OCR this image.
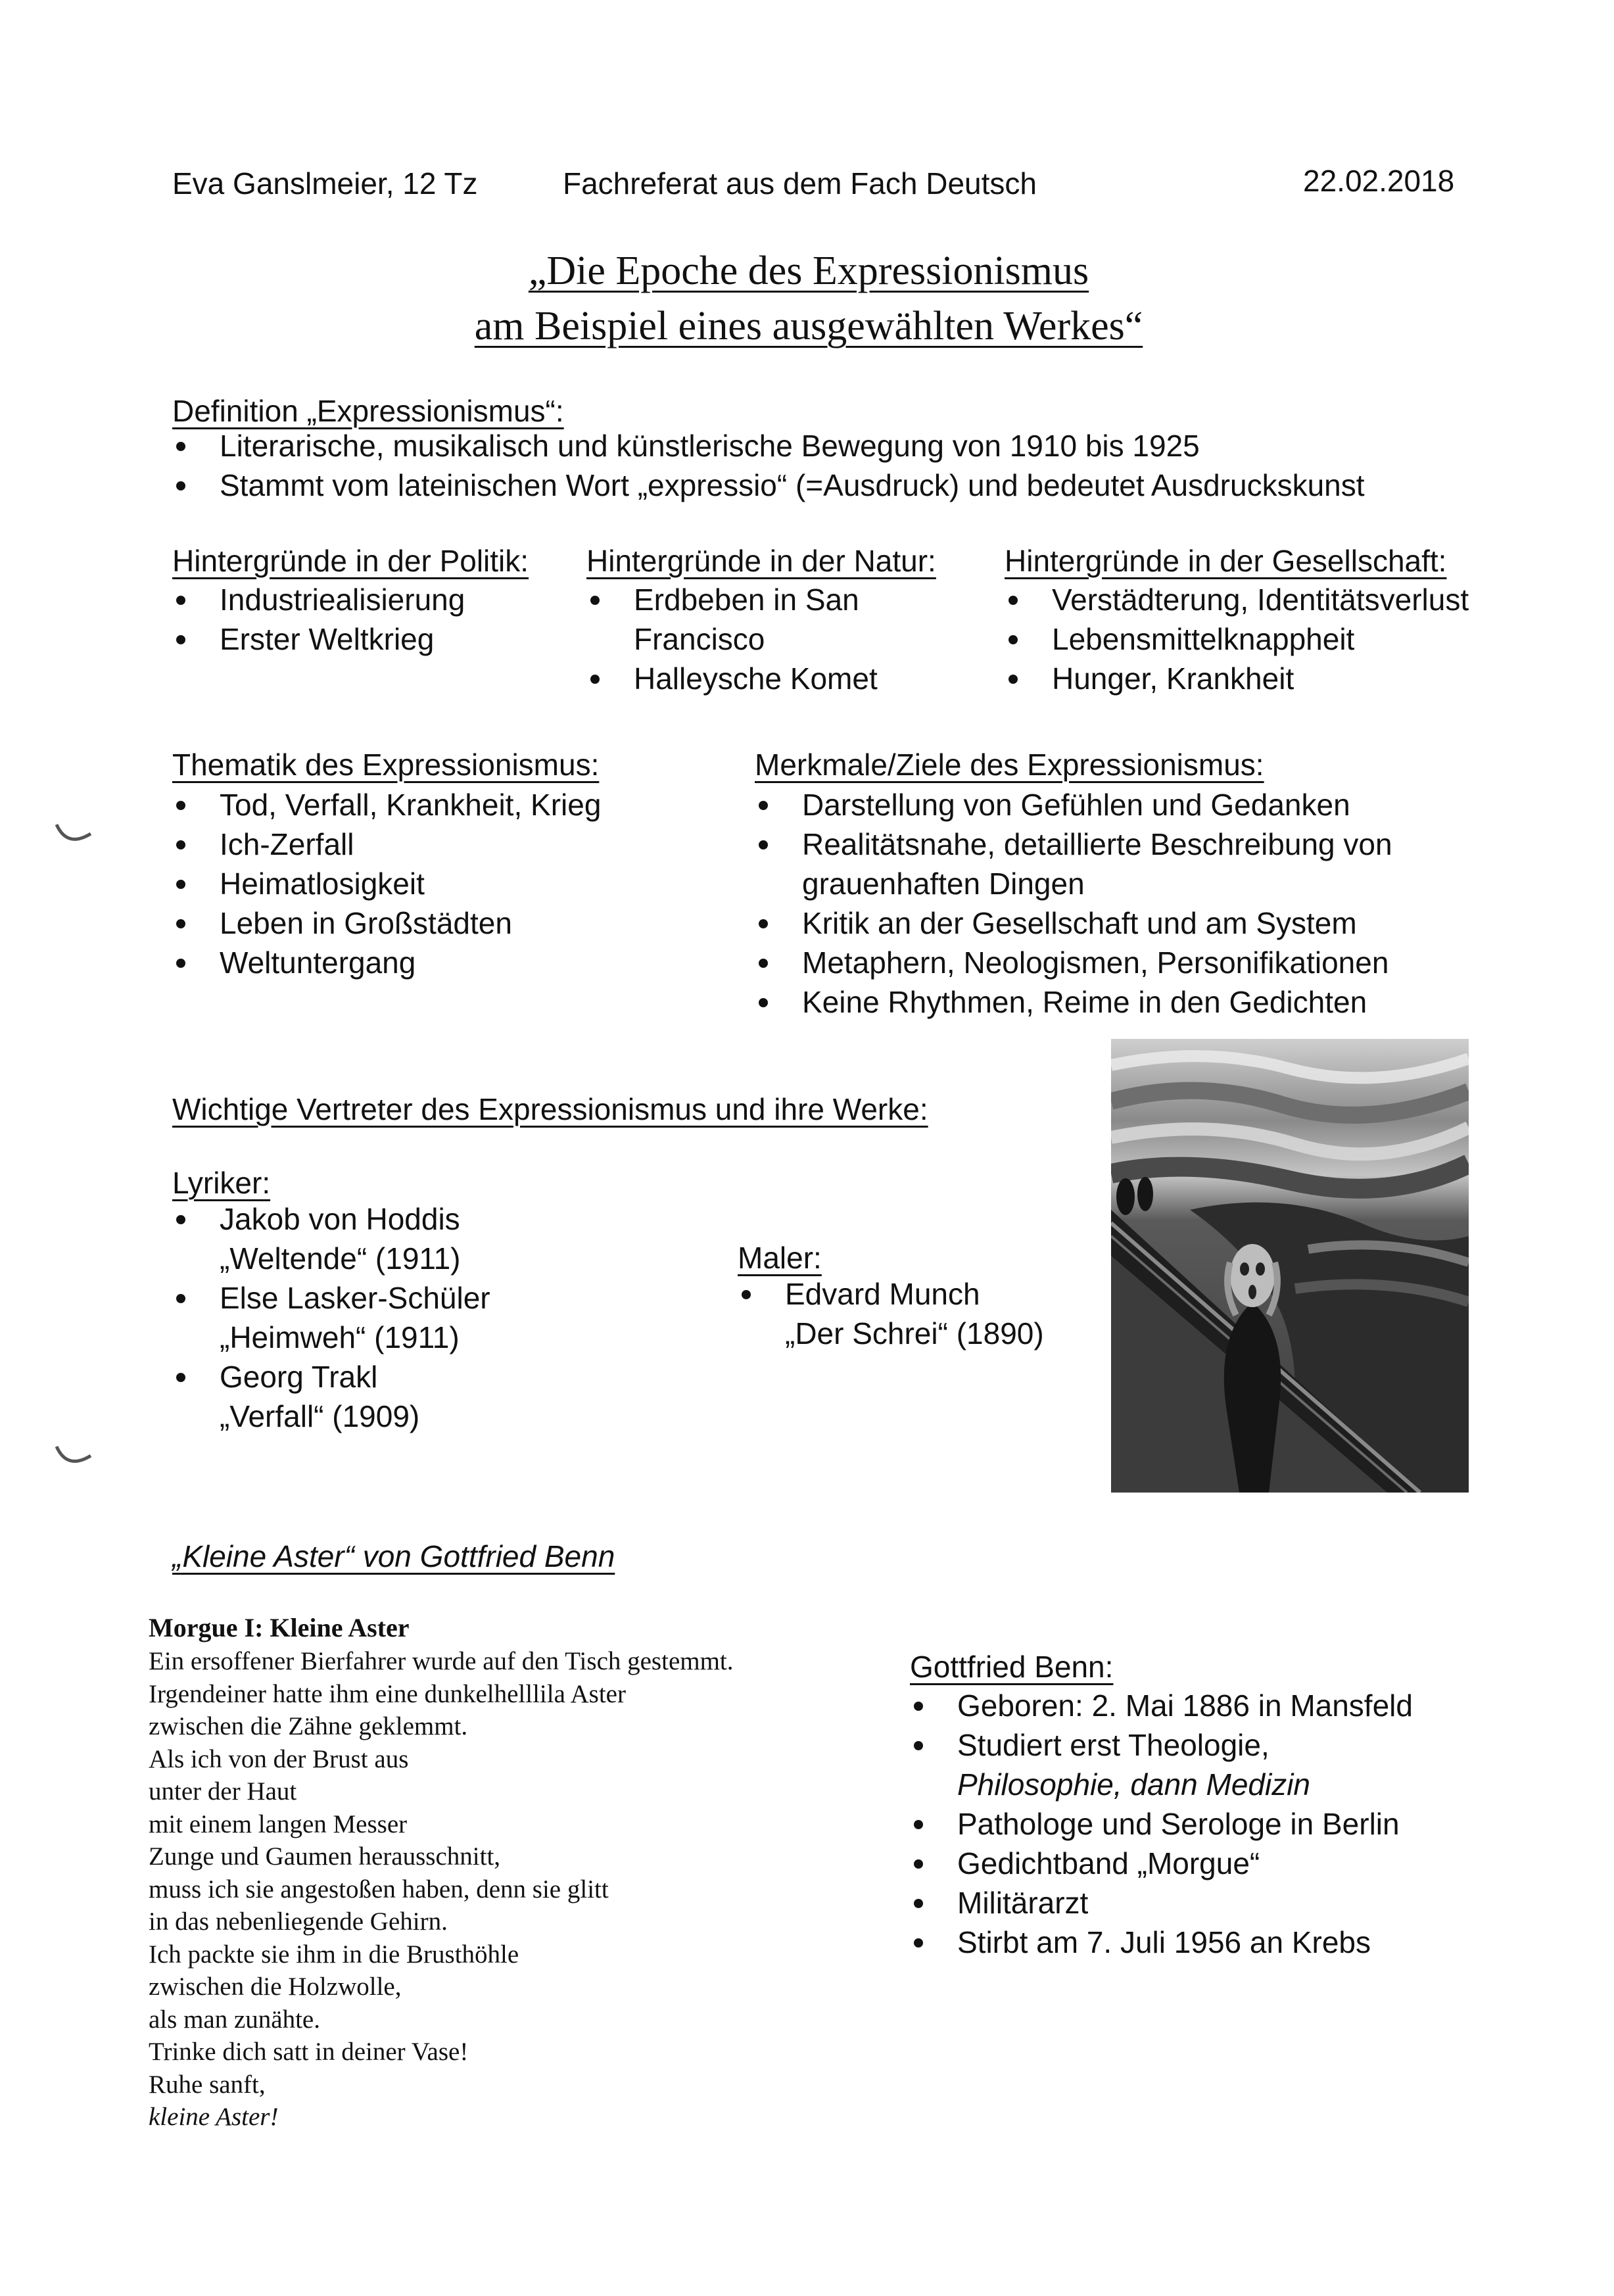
Eva Ganslmeier, 12 Tz	Fachreferat aus dem Fach Deutsch	22.02.2018
„Die Epoche des Expressionismus
am Beispiel eines ausgewählten Werkes“
Definition „Expressionismus“:
Literarische, musikalisch und künstlerische Bewegung von 1910 bis 1925
Stammt vom lateinischen Wort „expressio“ (=Ausdruck) und bedeutet Ausdruckskunst
Hintergründe in der Politik:
Industriealisierung
Erster Weltkrieg
Hintergründe in der Natur:
Erdbeben in San
Francisco
Halleysche Komet
Hintergründe in der Gesellschaft:
Verstädterung, Identitätsverlust
Lebensmittelknappheit
Hunger, Krankheit
Thematik des Expressionismus:
Tod, Verfall, Krankheit, Krieg
Ich-Zerfall
Heimatlosigkeit
Leben in Großstädten
Weltuntergang
Merkmale/Ziele des Expressionismus:
Darstellung von Gefühlen und Gedanken
Realitätsnahe, detaillierte Beschreibung von
grauenhaften Dingen
Kritik an der Gesellschaft und am System
Metaphern, Neologismen, Personifikationen
Keine Rhythmen, Reime in den Gedichten
Wichtige Vertreter des Expressionismus und ihre Werke:
Lyriker:
Jakob von Hoddis
„Weltende“ (1911)
Else Lasker-Schüler
„Heimweh“ (1911)
Georg Trakl
„Verfall“ (1909)
Maler:
Edvard Munch
„Der Schrei“ (1890)
„Kleine Aster“ von Gottfried Benn
Morgue I: Kleine Aster
Ein ersoffener Bierfahrer wurde auf den Tisch gestemmt.
Irgendeiner hatte ihm eine dunkelhelllila Aster
zwischen die Zähne geklemmt.
Als ich von der Brust aus
unter der Haut
mit einem langen Messer
Zunge und Gaumen herausschnitt,
muss ich sie angestoßen haben, denn sie glitt
in das nebenliegende Gehirn.
Ich packte sie ihm in die Brusthöhle
zwischen die Holzwolle,
als man zunähte.
Trinke dich satt in deiner Vase!
Ruhe sanft,
kleine Aster!
Gottfried Benn:
Geboren: 2. Mai 1886 in Mansfeld
Studiert erst Theologie,
Philosophie, dann Medizin
Pathologe und Serologe in Berlin
Gedichtband „Morgue“
Militärarzt
Stirbt am 7. Juli 1956 an Krebs
